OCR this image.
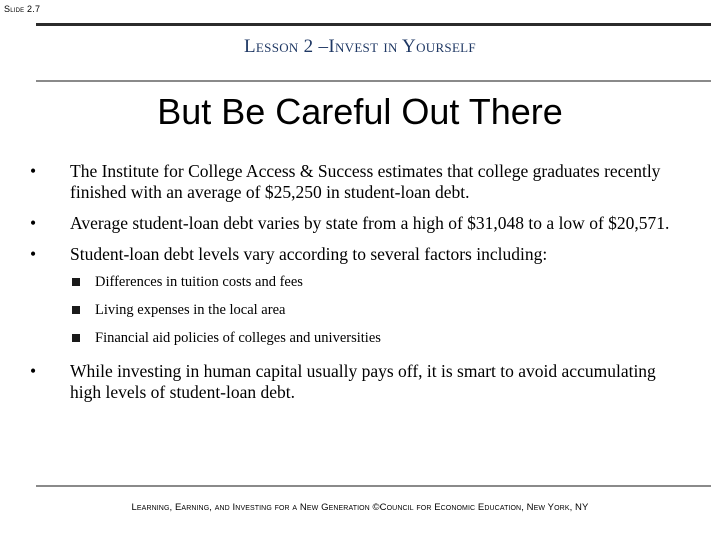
Slide 2.7
Lesson 2 –Invest in Yourself
But Be Careful Out There
•	The Institute for College Access & Success estimates that college graduates recently finished with an average of $25,250 in student-loan debt.
•	Average student-loan debt varies by state from a high of $31,048 to a low of $20,571.
•	Student-loan debt levels vary according to several factors including:
Differences in tuition costs and fees
Living expenses in the local area
Financial aid policies of colleges and universities
•	While investing in human capital usually pays off, it is smart to avoid accumulating high levels of student-loan debt.
Learning, Earning, and Investing for a New Generation ©Council for Economic Education, New York, NY
